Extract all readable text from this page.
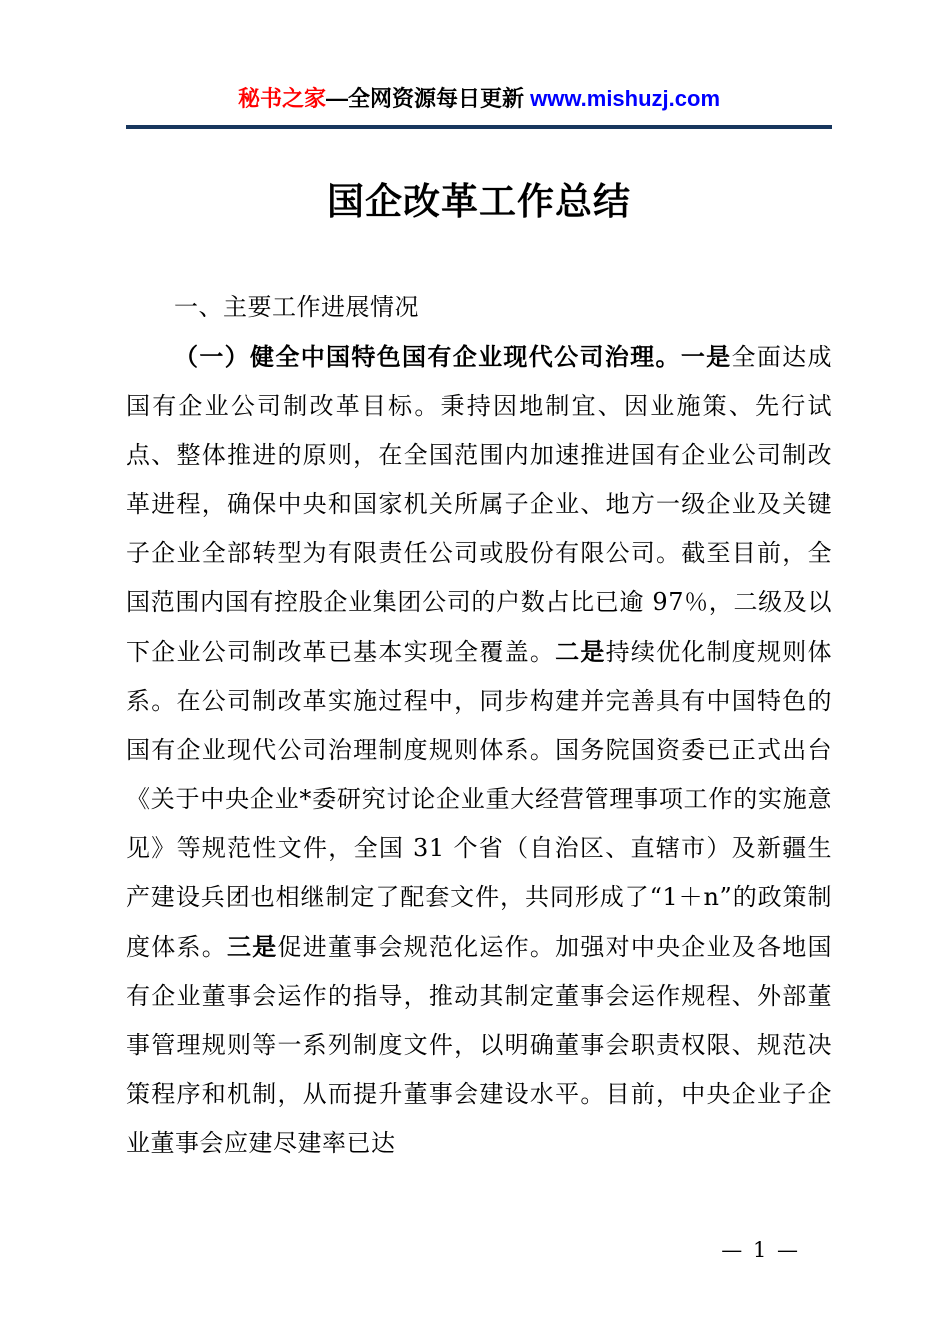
秘书之家—全网资源每日更新 www.mishuzj.com
国企改革工作总结

一、主要工作进展情况

（一）健全中国特色国有企业现代公司治理。一是全面达成国有企业公司制改革目标。秉持因地制宜、因业施策、先行试点、整体推进的原则，在全国范围内加速推进国有企业公司制改革进程，确保中央和国家机关所属子企业、地方一级企业及关键子企业全部转型为有限责任公司或股份有限公司。截至目前，全国范围内国有控股企业集团公司的户数占比已逾 97％，二级及以下企业公司制改革已基本实现全覆盖。二是持续优化制度规则体系。在公司制改革实施过程中，同步构建并完善具有中国特色的国有企业现代公司治理制度规则体系。国务院国资委已正式出台《关于中央企业*委研究讨论企业重大经营管理事项工作的实施意见》等规范性文件，全国 31 个省（自治区、直辖市）及新疆生产建设兵团也相继制定了配套文件，共同形成了“1＋n”的政策制度体系。三是促进董事会规范化运作。加强对中央企业及各地国有企业董事会运作的指导，推动其制定董事会运作规程、外部董事管理规则等一系列制度文件，以明确董事会职责权限、规范决策程序和机制，从而提升董事会建设水平。目前，中央企业子企业董事会应建尽建率已达

— 1 —
